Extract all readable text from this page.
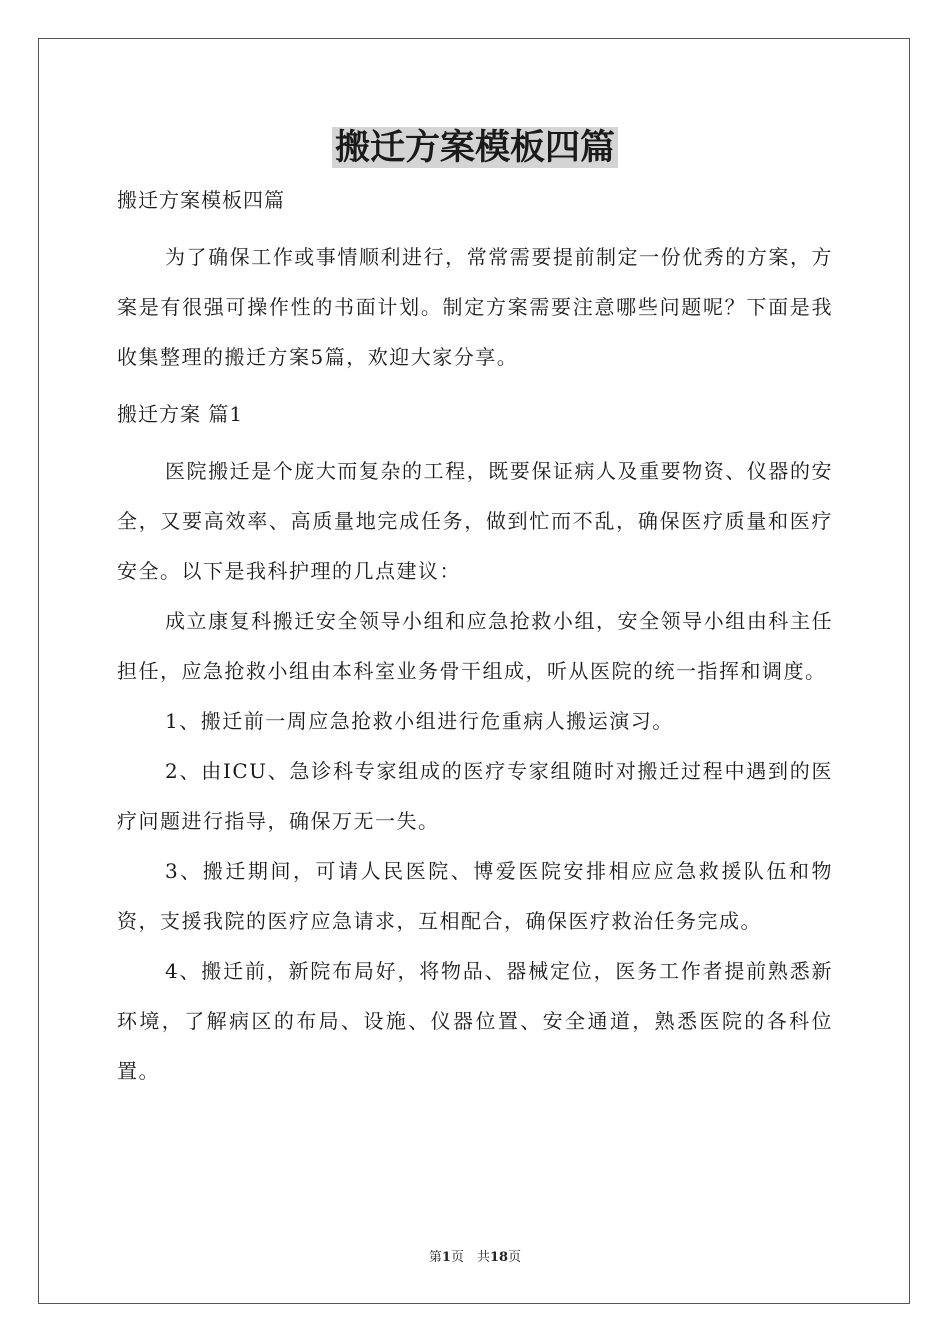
搬迁方案模板四篇

搬迁方案模板四篇

为了确保工作或事情顺利进行，常常需要提前制定一份优秀的方案，方案是有很强可操作性的书面计划。制定方案需要注意哪些问题呢？下面是我收集整理的搬迁方案5篇，欢迎大家分享。

搬迁方案 篇1

医院搬迁是个庞大而复杂的工程，既要保证病人及重要物资、仪器的安全，又要高效率、高质量地完成任务，做到忙而不乱，确保医疗质量和医疗安全。以下是我科护理的几点建议：

成立康复科搬迁安全领导小组和应急抢救小组，安全领导小组由科主任担任，应急抢救小组由本科室业务骨干组成，听从医院的统一指挥和调度。

1、搬迁前一周应急抢救小组进行危重病人搬运演习。

2、由ICU、急诊科专家组成的医疗专家组随时对搬迁过程中遇到的医疗问题进行指导，确保万无一失。

3、搬迁期间，可请人民医院、博爱医院安排相应应急救援队伍和物资，支援我院的医疗应急请求，互相配合，确保医疗救治任务完成。

4、搬迁前，新院布局好，将物品、器械定位，医务工作者提前熟悉新环境，了解病区的布局、设施、仪器位置、安全通道，熟悉医院的各科位置。

第1页　共18页
